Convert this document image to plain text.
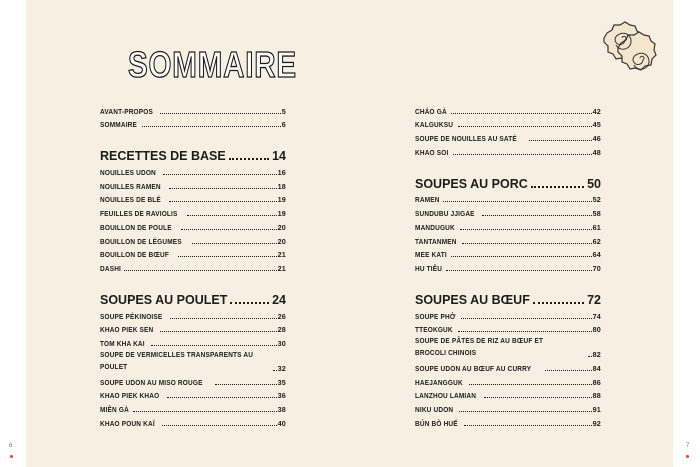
SOMMAIRE
AVANT-PROPOS	5
SOMMAIRE	6
RECETTES DE BASE	14
NOUILLES UDON	16
NOUILLES RAMEN	18
NOUILLES DE BLÉ	19
FEUILLES DE RAVIOLIS	19
BOUILLON DE POULE	20
BOUILLON DE LÉGUMES	20
BOUILLON DE BŒUF	21
DASHI	21
SOUPES AU POULET	24
SOUPE PÉKINOISE	26
KHAO PIEK SEN	28
TOM KHA KAI	30
SOUPE DE VERMICELLES TRANSPARENTS AU POULET	32
SOUPE UDON AU MISO ROUGE	35
KHAO PIEK KHAO	36
MIÊN GÀ	38
KHAO POUN KAÏ	40
CHÁO GÀ	42
KALGUKSU	45
SOUPE DE NOUILLES AU SATÉ	46
KHAO SOI	48
SOUPES AU PORC	50
RAMEN	52
SUNDUBU JJIGAE	58
MANDUGUK	61
TANTANMEN	62
MEE KATI	64
HU TIÊU	70
SOUPES AU BŒUF	72
SOUPE PHỞ	74
TTEOKGUK	80
SOUPE DE PÂTES DE RIZ AU BŒUF ET BROCOLI CHINOIS	82
SOUPE UDON AU BŒUF AU CURRY	84
HAEJANGGUK	86
LANZHOU LAMIAN	88
NIKU UDON	91
BÚN BÒ HUẾ	92
6	7
